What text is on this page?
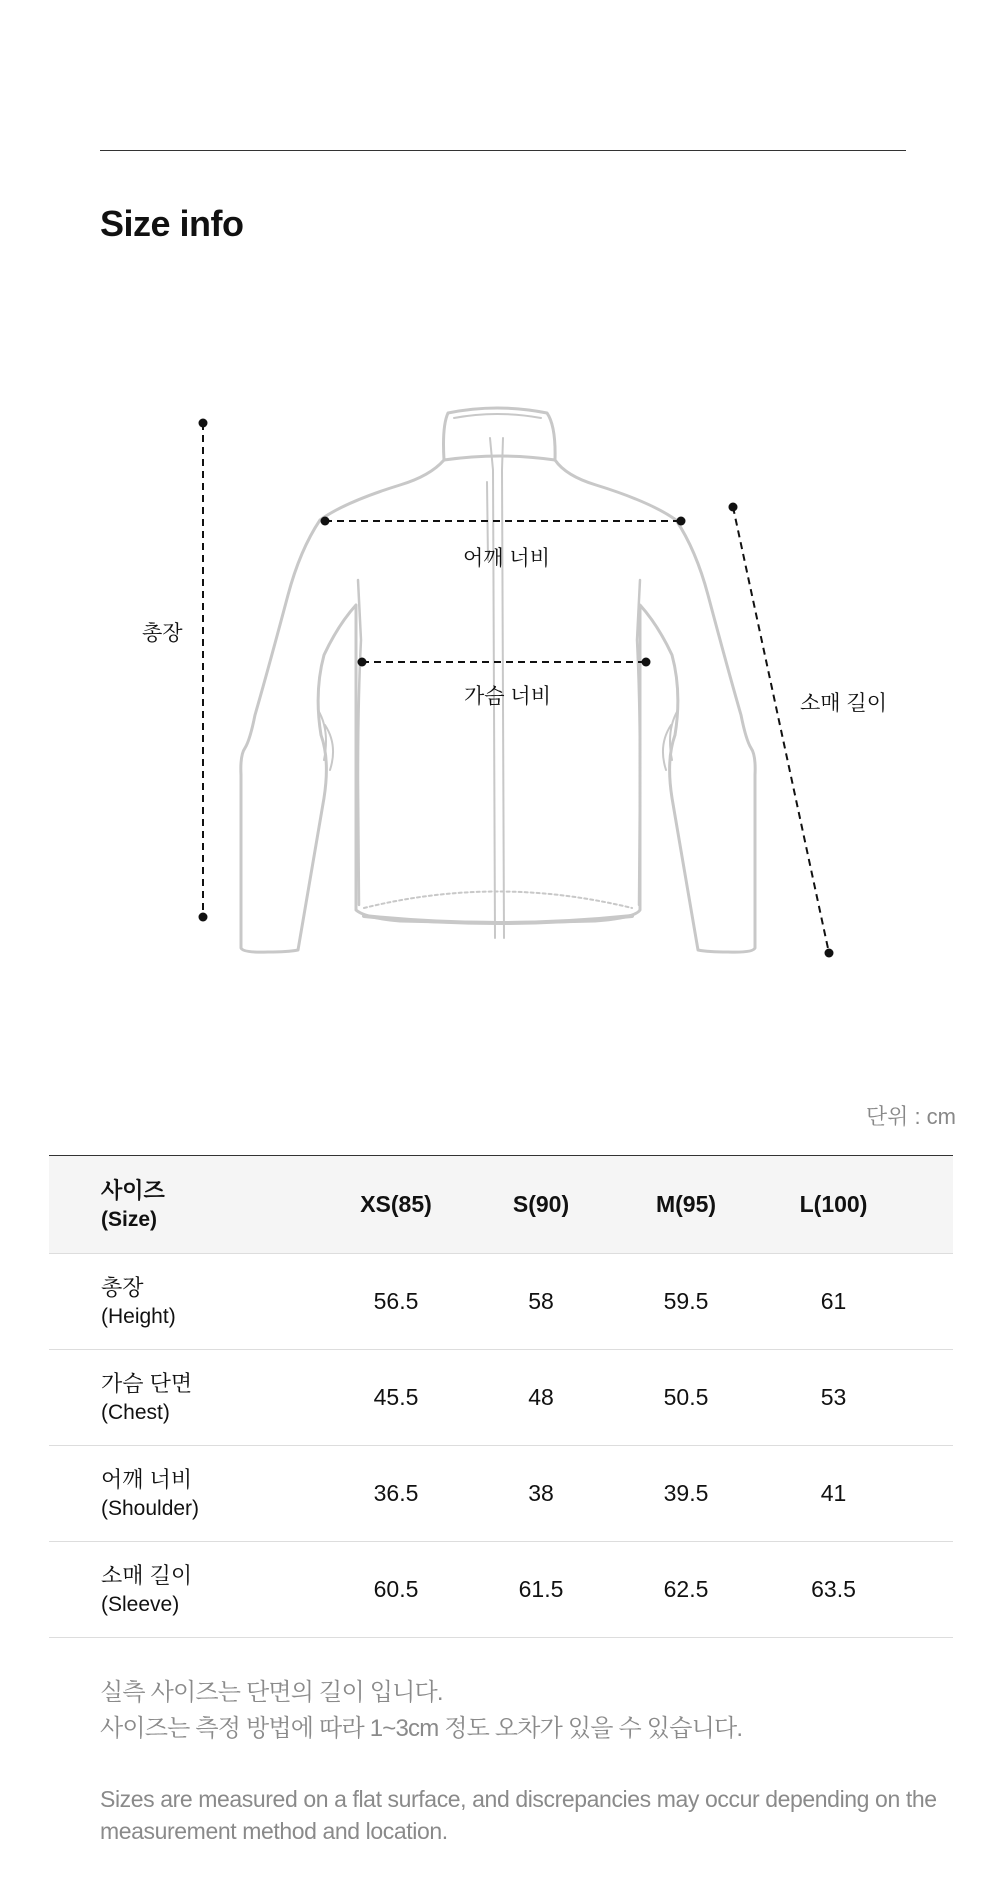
Size info
총장
어깨 너비
가슴 너비	소매 길이
단위 : cm
사이즈
(Size)	XS(85)	S(90)	M(95)	L(100)	

총장
(Height)	56.5	58	59.5	61	

가슴 단면
(Chest)	45.5	48	50.5	53	

어깨 너비
(Shoulder)	36.5	38	39.5	41	

소매 길이
(Sleeve)	60.5	61.5	62.5	63.5	

실측 사이즈는 단면의 길이 입니다.

사이즈는 측정 방법에 따라 1~3cm 정도 오차가 있을 수 있습니다.

Sizes are measured on a flat surface, and discrepancies may occur depending on the measurement method and location.
